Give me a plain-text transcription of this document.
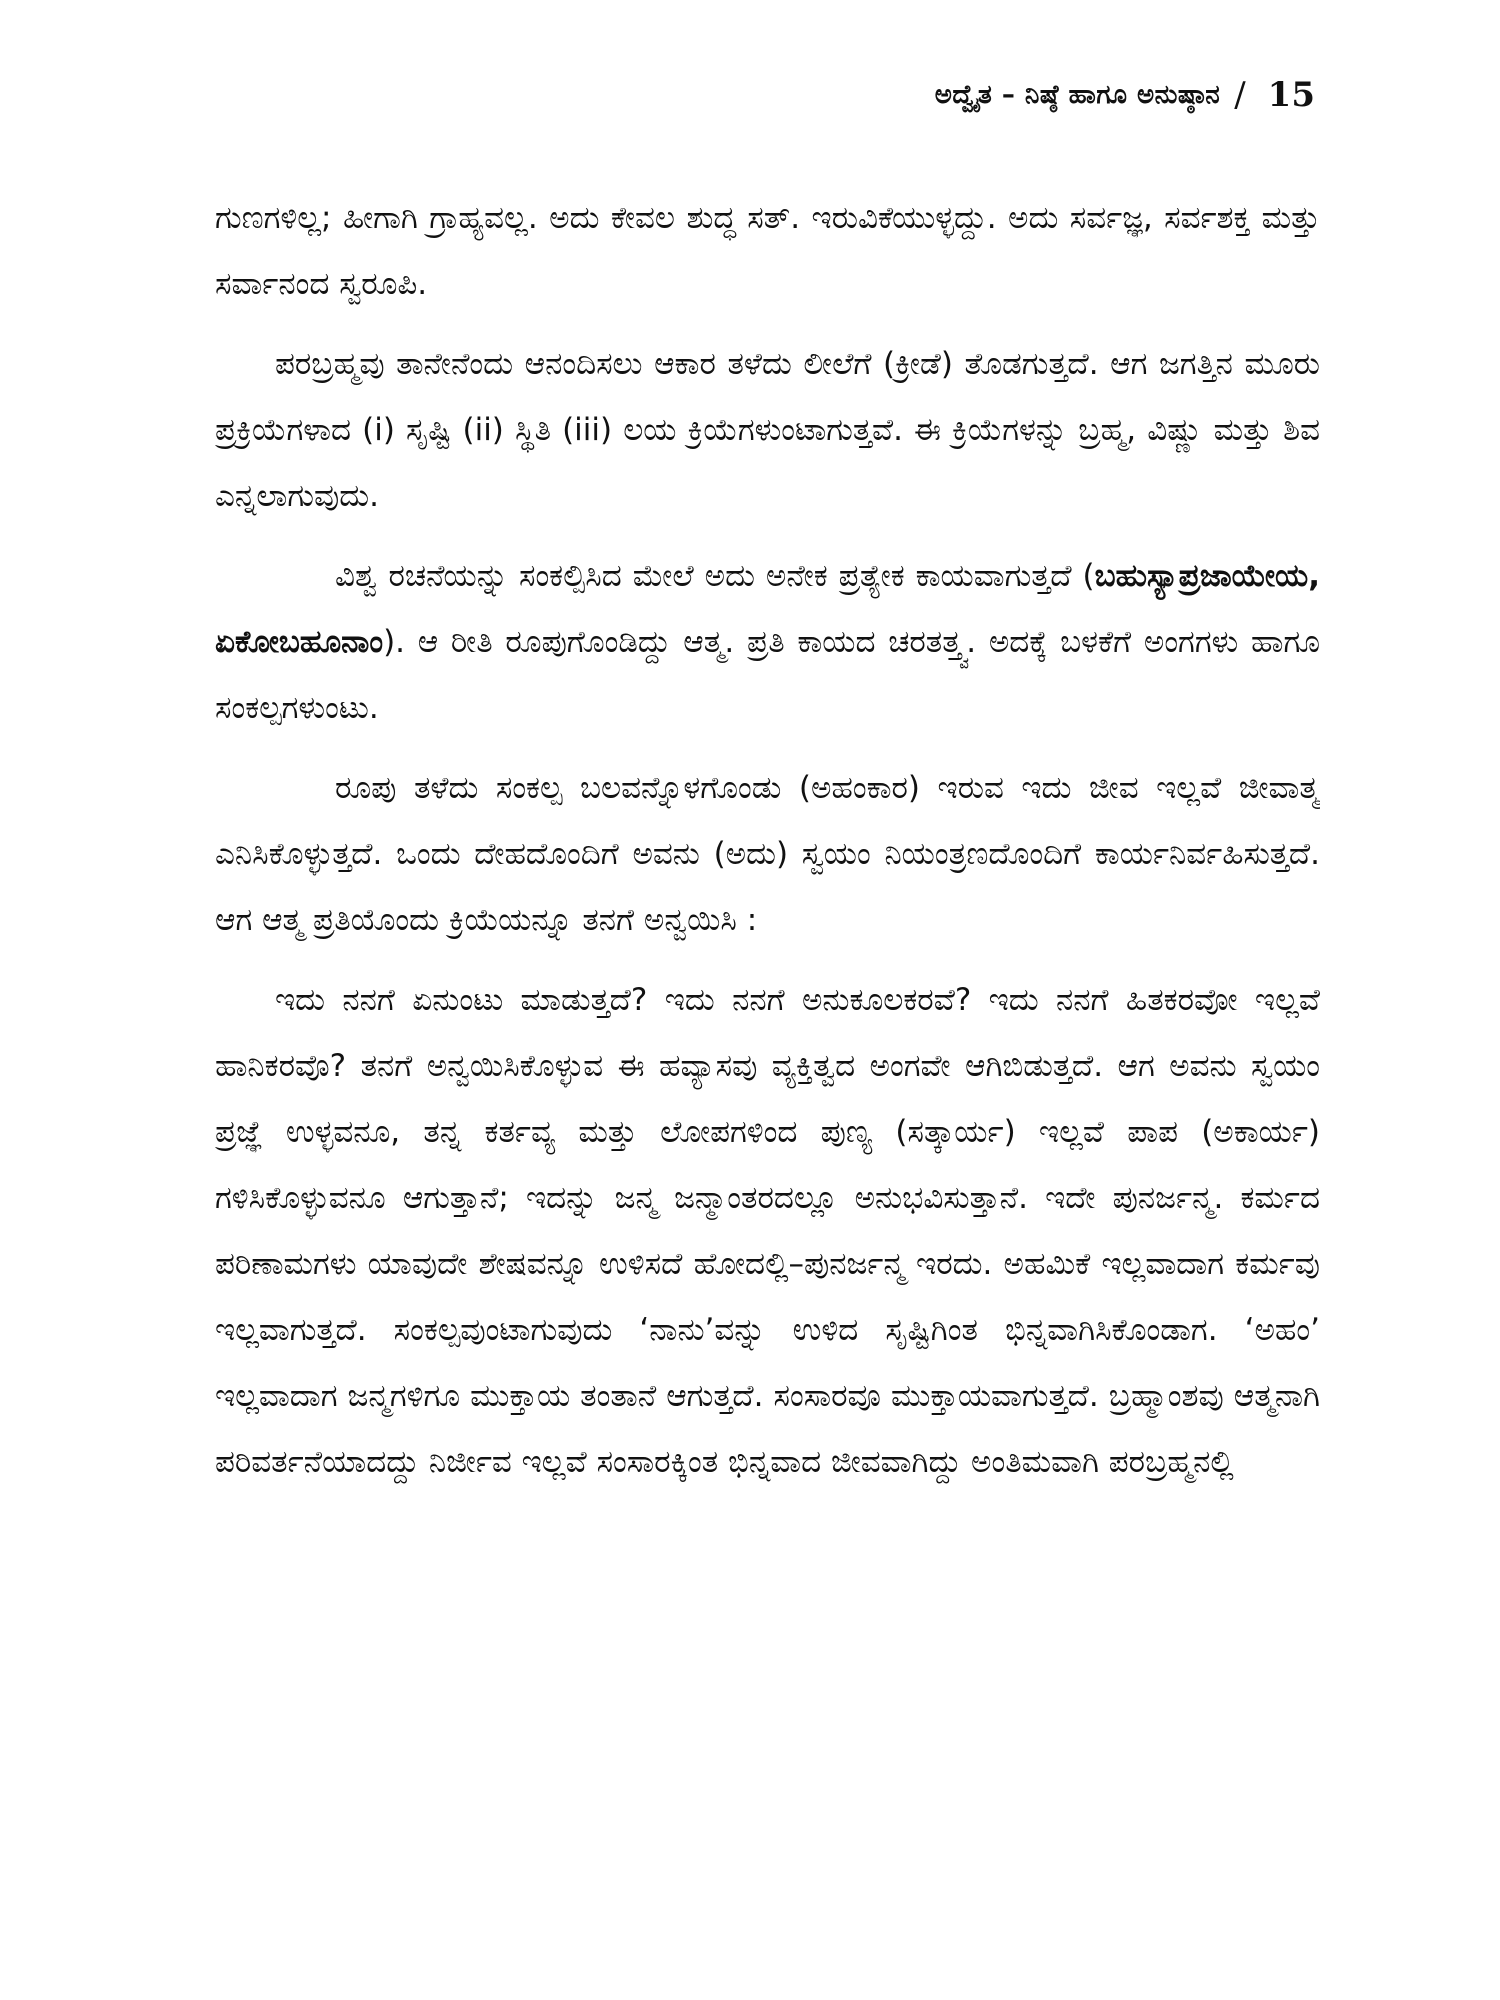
ಅದ್ವೈತ – ನಿಷ್ಠೆ ಹಾಗೂ ಅನುಷ್ಠಾನ / 15

ಗುಣಗಳಿಲ್ಲ; ಹೀಗಾಗಿ ಗ್ರಾಹ್ಯವಲ್ಲ. ಅದು ಕೇವಲ ಶುದ್ಧ ಸತ್. ಇರುವಿಕೆಯುಳ್ಳದ್ದು. ಅದು ಸರ್ವಜ್ಞ, ಸರ್ವಶಕ್ತ ಮತ್ತು ಸರ್ವಾನಂದ ಸ್ವರೂಪಿ.

ಪರಬ್ರಹ್ಮವು ತಾನೇನೆಂದು ಆನಂದಿಸಲು ಆಕಾರ ತಳೆದು ಲೀಲೆಗೆ (ಕ್ರೀಡೆ) ತೊಡಗುತ್ತದೆ. ಆಗ ಜಗತ್ತಿನ ಮೂರು ಪ್ರಕ್ರಿಯೆಗಳಾದ (i) ಸೃಷ್ಟಿ (ii) ಸ್ಥಿತಿ (iii) ಲಯ ಕ್ರಿಯೆಗಳುಂಟಾಗುತ್ತವೆ. ಈ ಕ್ರಿಯೆಗಳನ್ನು ಬ್ರಹ್ಮ, ವಿಷ್ಣು ಮತ್ತು ಶಿವ ಎನ್ನಲಾಗುವುದು.

ವಿಶ್ವ ರಚನೆಯನ್ನು ಸಂಕಲ್ಪಿಸಿದ ಮೇಲೆ ಅದು ಅನೇಕ ಪ್ರತ್ಯೇಕ ಕಾಯವಾಗುತ್ತದೆ (ಬಹುಸ್ಯಾಪ್ರಜಾಯೇಯ, ಏಕೋಬಹೂನಾಂ). ಆ ರೀತಿ ರೂಪುಗೊಂಡಿದ್ದು ಆತ್ಮ. ಪ್ರತಿ ಕಾಯದ ಚರತತ್ತ್ವ. ಅದಕ್ಕೆ ಬಳಕೆಗೆ ಅಂಗಗಳು ಹಾಗೂ ಸಂಕಲ್ಪಗಳುಂಟು.

ರೂಪು ತಳೆದು ಸಂಕಲ್ಪ ಬಲವನ್ನೊಳಗೊಂಡು (ಅಹಂಕಾರ) ಇರುವ ಇದು ಜೀವ ಇಲ್ಲವೆ ಜೀವಾತ್ಮ ಎನಿಸಿಕೊಳ್ಳುತ್ತದೆ. ಒಂದು ದೇಹದೊಂದಿಗೆ ಅವನು (ಅದು) ಸ್ವಯಂ ನಿಯಂತ್ರಣದೊಂದಿಗೆ ಕಾರ್ಯನಿರ್ವಹಿಸುತ್ತದೆ. ಆಗ ಆತ್ಮ ಪ್ರತಿಯೊಂದು ಕ್ರಿಯೆಯನ್ನೂ ತನಗೆ ಅನ್ವಯಿಸಿ :

ಇದು ನನಗೆ ಏನುಂಟು ಮಾಡುತ್ತದೆ? ಇದು ನನಗೆ ಅನುಕೂಲಕರವೆ? ಇದು ನನಗೆ ಹಿತಕರವೋ ಇಲ್ಲವೆ ಹಾನಿಕರವೊ? ತನಗೆ ಅನ್ವಯಿಸಿಕೊಳ್ಳುವ ಈ ಹವ್ಯಾಸವು ವ್ಯಕ್ತಿತ್ವದ ಅಂಗವೇ ಆಗಿಬಿಡುತ್ತದೆ. ಆಗ ಅವನು ಸ್ವಯಂ ಪ್ರಜ್ಞೆ ಉಳ್ಳವನೂ, ತನ್ನ ಕರ್ತವ್ಯ ಮತ್ತು ಲೋಪಗಳಿಂದ ಪುಣ್ಯ (ಸತ್ಕಾರ್ಯ) ಇಲ್ಲವೆ ಪಾಪ (ಅಕಾರ್ಯ) ಗಳಿಸಿಕೊಳ್ಳುವನೂ ಆಗುತ್ತಾನೆ; ಇದನ್ನು ಜನ್ಮ ಜನ್ಮಾಂತರದಲ್ಲೂ ಅನುಭವಿಸುತ್ತಾನೆ. ಇದೇ ಪುನರ್ಜನ್ಮ. ಕರ್ಮದ ಪರಿಣಾಮಗಳು ಯಾವುದೇ ಶೇಷವನ್ನೂ ಉಳಿಸದೆ ಹೋದಲ್ಲಿ–ಪುನರ್ಜನ್ಮ ಇರದು. ಅಹಮಿಕೆ ಇಲ್ಲವಾದಾಗ ಕರ್ಮವು ಇಲ್ಲವಾಗುತ್ತದೆ. ಸಂಕಲ್ಪವುಂಟಾಗುವುದು ‘ನಾನು’ವನ್ನು ಉಳಿದ ಸೃಷ್ಟಿಗಿಂತ ಭಿನ್ನವಾಗಿಸಿಕೊಂಡಾಗ. ‘ಅಹಂ’ ಇಲ್ಲವಾದಾಗ ಜನ್ಮಗಳಿಗೂ ಮುಕ್ತಾಯ ತಂತಾನೆ ಆಗುತ್ತದೆ. ಸಂಸಾರವೂ ಮುಕ್ತಾಯವಾಗುತ್ತದೆ. ಬ್ರಹ್ಮಾಂಶವು ಆತ್ಮನಾಗಿ ಪರಿವರ್ತನೆಯಾದದ್ದು ನಿರ್ಜೀವ ಇಲ್ಲವೆ ಸಂಸಾರಕ್ಕಿಂತ ಭಿನ್ನವಾದ ಜೀವವಾಗಿದ್ದು ಅಂತಿಮವಾಗಿ ಪರಬ್ರಹ್ಮನಲ್ಲಿ
